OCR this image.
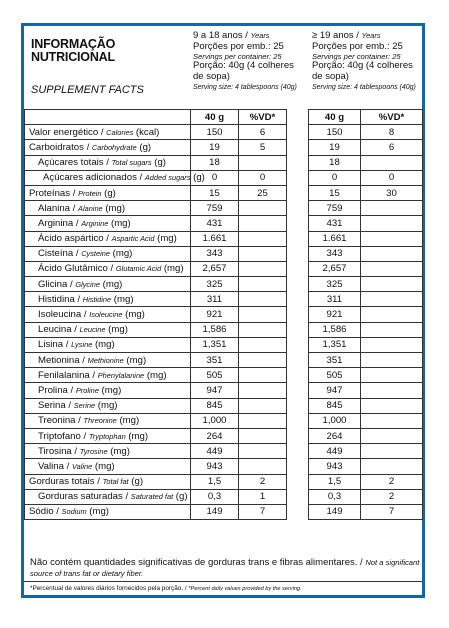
INFORMAÇÃO
NUTRICIONAL
SUPPLEMENT FACTS
9 a 18 anos / Years
Porções por emb.: 25
Servings per container: 25
Porção: 40g (4 colheres
de sopa)
Serving size: 4 tablespoons (40g)
≥ 19 anos / Years
Porções por emb.: 25
Servings per container: 25
Porção: 40g (4 colheres
de sopa)
Serving size: 4 tablespoons (40g)
	40 g	%VD*		40 g	%VD*
Valor energético / Calories (kcal)	150	6		150	8
Carboidratos / Carbohydrate (g)	19	5		19	6
Açúcares totais / Total sugars (g)	18			18	
Açúcares adicionados / Added sugars (g)	0	0		0	0
Proteínas / Protein (g)	15	25		15	30
Alanina / Alanine (mg)	759			759	
Arginina / Arginine (mg)	431			431	
Ácido aspártico / Aspartic Acid (mg)	1.661			1.661	
Cisteína / Cysteine (mg)	343			343	
Ácido Glutâmico / Glutamic Acid (mg)	2,657			2,657	
Glicina / Glycine (mg)	325			325	
Histidina / Histidine (mg)	311			311	
Isoleucina / Isoleucine (mg)	921			921	
Leucina / Leucine (mg)	1,586			1,586	
Lisina / Lysine (mg)	1,351			1,351	
Metionina / Methionine (mg)	351			351	
Fenilalanina / Phenylalanine (mg)	505			505	
Prolina / Proline (mg)	947			947	
Serina / Serine (mg)	845			845	
Treonina / Threonine (mg)	1,000			1,000	
Triptofano / Tryptophan (mg)	264			264	
Tirosina / Tyrosine (mg)	449			449	
Valina / Valine (mg)	943			943	
Gorduras totais / Total fat (g)	1,5	2		1,5	2
Gorduras saturadas / Saturated fat (g)	0,3	1		0,3	2
Sódio / Sodium (mg)	149	7		149	7
Não contém quantidades significativas de gorduras trans e fibras alimentares. / Not a significant source of trans fat or dietary fiber.
*Percentual de valores diários fornecidos pela porção. / *Percent daily values provided by the serving.
